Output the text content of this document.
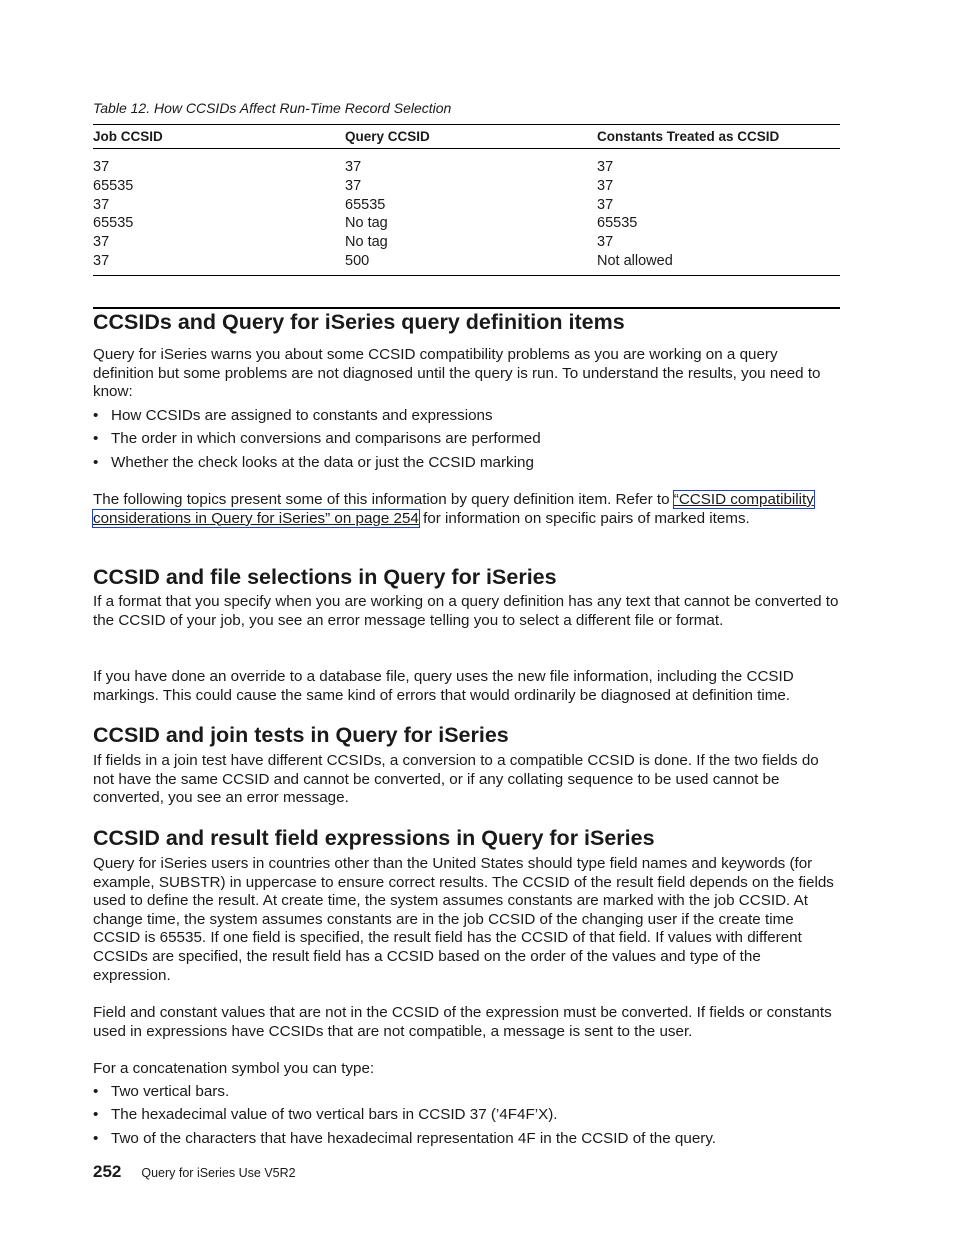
Table 12. How CCSIDs Affect Run-Time Record Selection
Job CCSID	Query CCSID	Constants Treated as CCSID
37	37	37
65535	37	37
37	65535	37
65535	No tag	65535
37	No tag	37
37	500	Not allowed
CCSIDs and Query for iSeries query definition items

Query for iSeries warns you about some CCSID compatibility problems as you are working on a query definition but some problems are not diagnosed until the query is run. To understand the results, you need to know:

• How CCSIDs are assigned to constants and expressions
• The order in which conversions and comparisons are performed
• Whether the check looks at the data or just the CCSID marking

The following topics present some of this information by query definition item. Refer to “CCSID compatibility considerations in Query for iSeries” on page 254 for information on specific pairs of marked items.

CCSID and file selections in Query for iSeries

If a format that you specify when you are working on a query definition has any text that cannot be converted to the CCSID of your job, you see an error message telling you to select a different file or format.

If you have done an override to a database file, query uses the new file information, including the CCSID markings. This could cause the same kind of errors that would ordinarily be diagnosed at definition time.

CCSID and join tests in Query for iSeries

If fields in a join test have different CCSIDs, a conversion to a compatible CCSID is done. If the two fields do not have the same CCSID and cannot be converted, or if any collating sequence to be used cannot be converted, you see an error message.

CCSID and result field expressions in Query for iSeries

Query for iSeries users in countries other than the United States should type field names and keywords (for example, SUBSTR) in uppercase to ensure correct results. The CCSID of the result field depends on the fields used to define the result. At create time, the system assumes constants are marked with the job CCSID. At change time, the system assumes constants are in the job CCSID of the changing user if the create time CCSID is 65535. If one field is specified, the result field has the CCSID of that field. If values with different CCSIDs are specified, the result field has a CCSID based on the order of the values and type of the expression.

Field and constant values that are not in the CCSID of the expression must be converted. If fields or constants used in expressions have CCSIDs that are not compatible, a message is sent to the user.

For a concatenation symbol you can type:

• Two vertical bars.
• The hexadecimal value of two vertical bars in CCSID 37 (’4F4F’X).
• Two of the characters that have hexadecimal representation 4F in the CCSID of the query.
252 Query for iSeries Use V5R2
